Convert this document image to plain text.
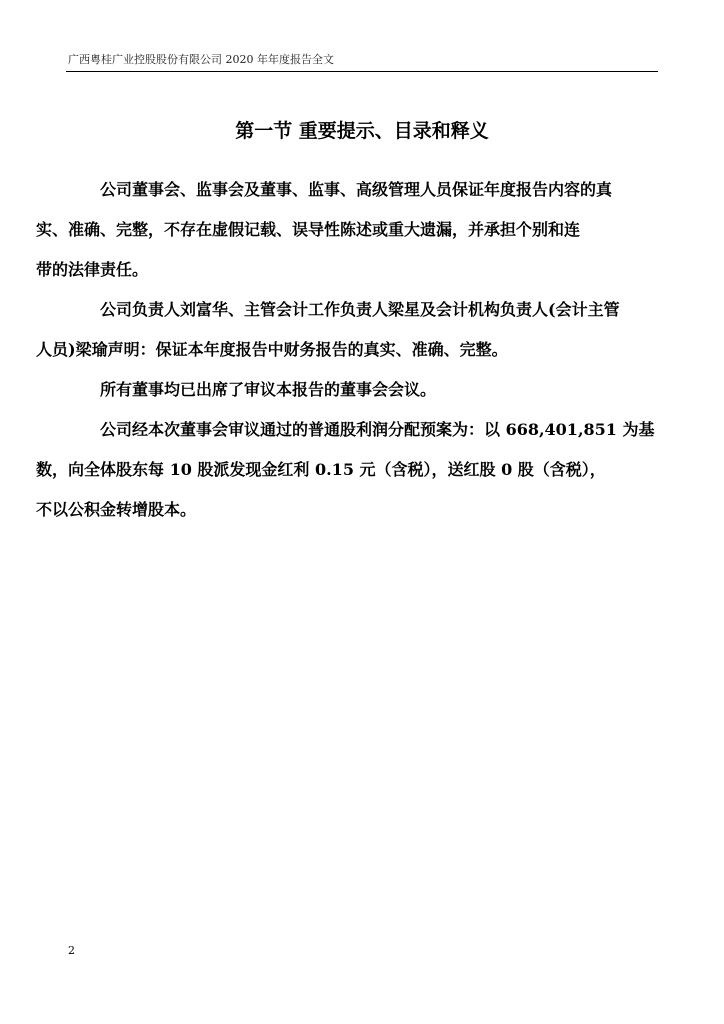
广西粤桂广业控股股份有限公司 2020 年年度报告全文
第一节 重要提示、目录和释义

公司董事会、监事会及董事、监事、高级管理人员保证年度报告内容的真
实、准确、完整，不存在虚假记载、误导性陈述或重大遗漏，并承担个别和连
带的法律责任。

公司负责人刘富华、主管会计工作负责人梁星及会计机构负责人(会计主管
人员)梁瑜声明：保证本年度报告中财务报告的真实、准确、完整。

所有董事均已出席了审议本报告的董事会会议。

公司经本次董事会审议通过的普通股利润分配预案为：以 668,401,851 为基
数，向全体股东每 10 股派发现金红利 0.15 元（含税），送红股 0 股（含税），
不以公积金转增股本。

2
